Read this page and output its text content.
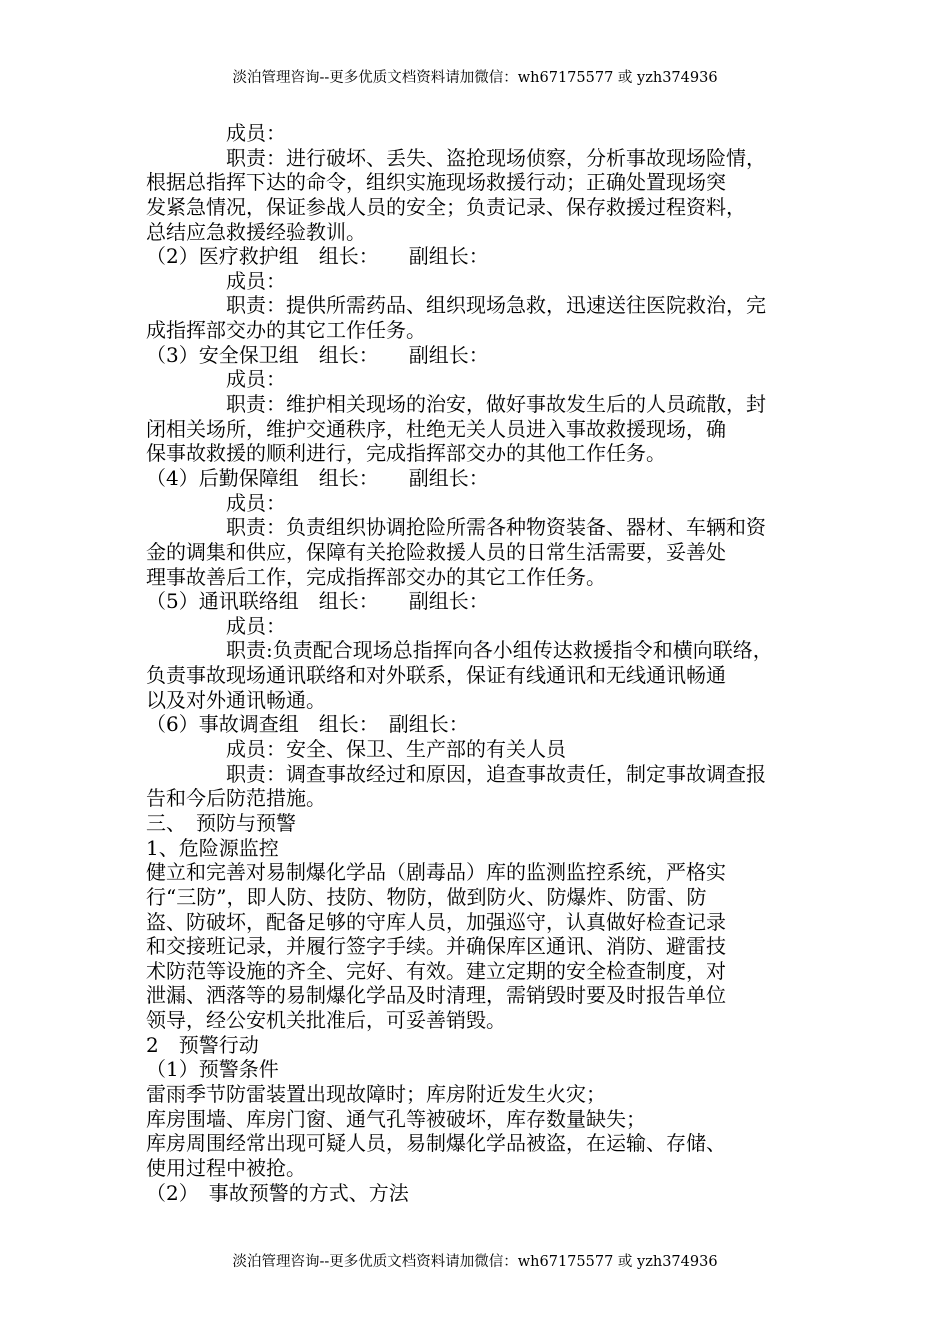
淡泊管理咨询--更多优质文档资料请加微信：wh67175577 或 yzh374936
　　　　成员：
　　　　职责：进行破坏、丢失、盗抢现场侦察，分析事故现场险情，
根据总指挥下达的命令，组织实施现场救援行动；正确处置现场突
发紧急情况，保证参战人员的安全；负责记录、保存救援过程资料，
总结应急救援经验教训。
（2）医疗救护组　组长：　　副组长：
　　　　成员：
　　　　职责：提供所需药品、组织现场急救，迅速送往医院救治，完
成指挥部交办的其它工作任务。
（3）安全保卫组　组长：　　副组长：
　　　　成员：
　　　　职责：维护相关现场的治安，做好事故发生后的人员疏散，封
闭相关场所，维护交通秩序，杜绝无关人员进入事故救援现场，确
保事故救援的顺利进行，完成指挥部交办的其他工作任务。
（4）后勤保障组　组长：　　副组长：
　　　　成员：
　　　　职责：负责组织协调抢险所需各种物资装备、器材、车辆和资
金的调集和供应，保障有关抢险救援人员的日常生活需要，妥善处
理事故善后工作，完成指挥部交办的其它工作任务。
（5）通讯联络组　组长：　　副组长：
　　　　成员：
　　　　职责:负责配合现场总指挥向各小组传达救援指令和横向联络，
负责事故现场通讯联络和对外联系，保证有线通讯和无线通讯畅通
以及对外通讯畅通。
（6）事故调查组　组长：　副组长：
　　　　成员：安全、保卫、生产部的有关人员
　　　　职责：调查事故经过和原因，追查事故责任，制定事故调查报
告和今后防范措施。
三、　预防与预警
1、危险源监控
健立和完善对易制爆化学品（剧毒品）库的监测监控系统，严格实
行“三防”，即人防、技防、物防，做到防火、防爆炸、防雷、防
盗、防破坏，配备足够的守库人员，加强巡守，认真做好检查记录
和交接班记录，并履行签字手续。并确保库区通讯、消防、避雷技
术防范等设施的齐全、完好、有效。建立定期的安全检查制度，对
泄漏、洒落等的易制爆化学品及时清理，需销毁时要及时报告单位
领导，经公安机关批准后，可妥善销毁。
2　预警行动
（1）预警条件
雷雨季节防雷装置出现故障时；库房附近发生火灾；
库房围墙、库房门窗、通气孔等被破坏，库存数量缺失；
库房周围经常出现可疑人员，易制爆化学品被盗，在运输、存储、
使用过程中被抢。
（2）　事故预警的方式、方法
淡泊管理咨询--更多优质文档资料请加微信：wh67175577 或 yzh374936
